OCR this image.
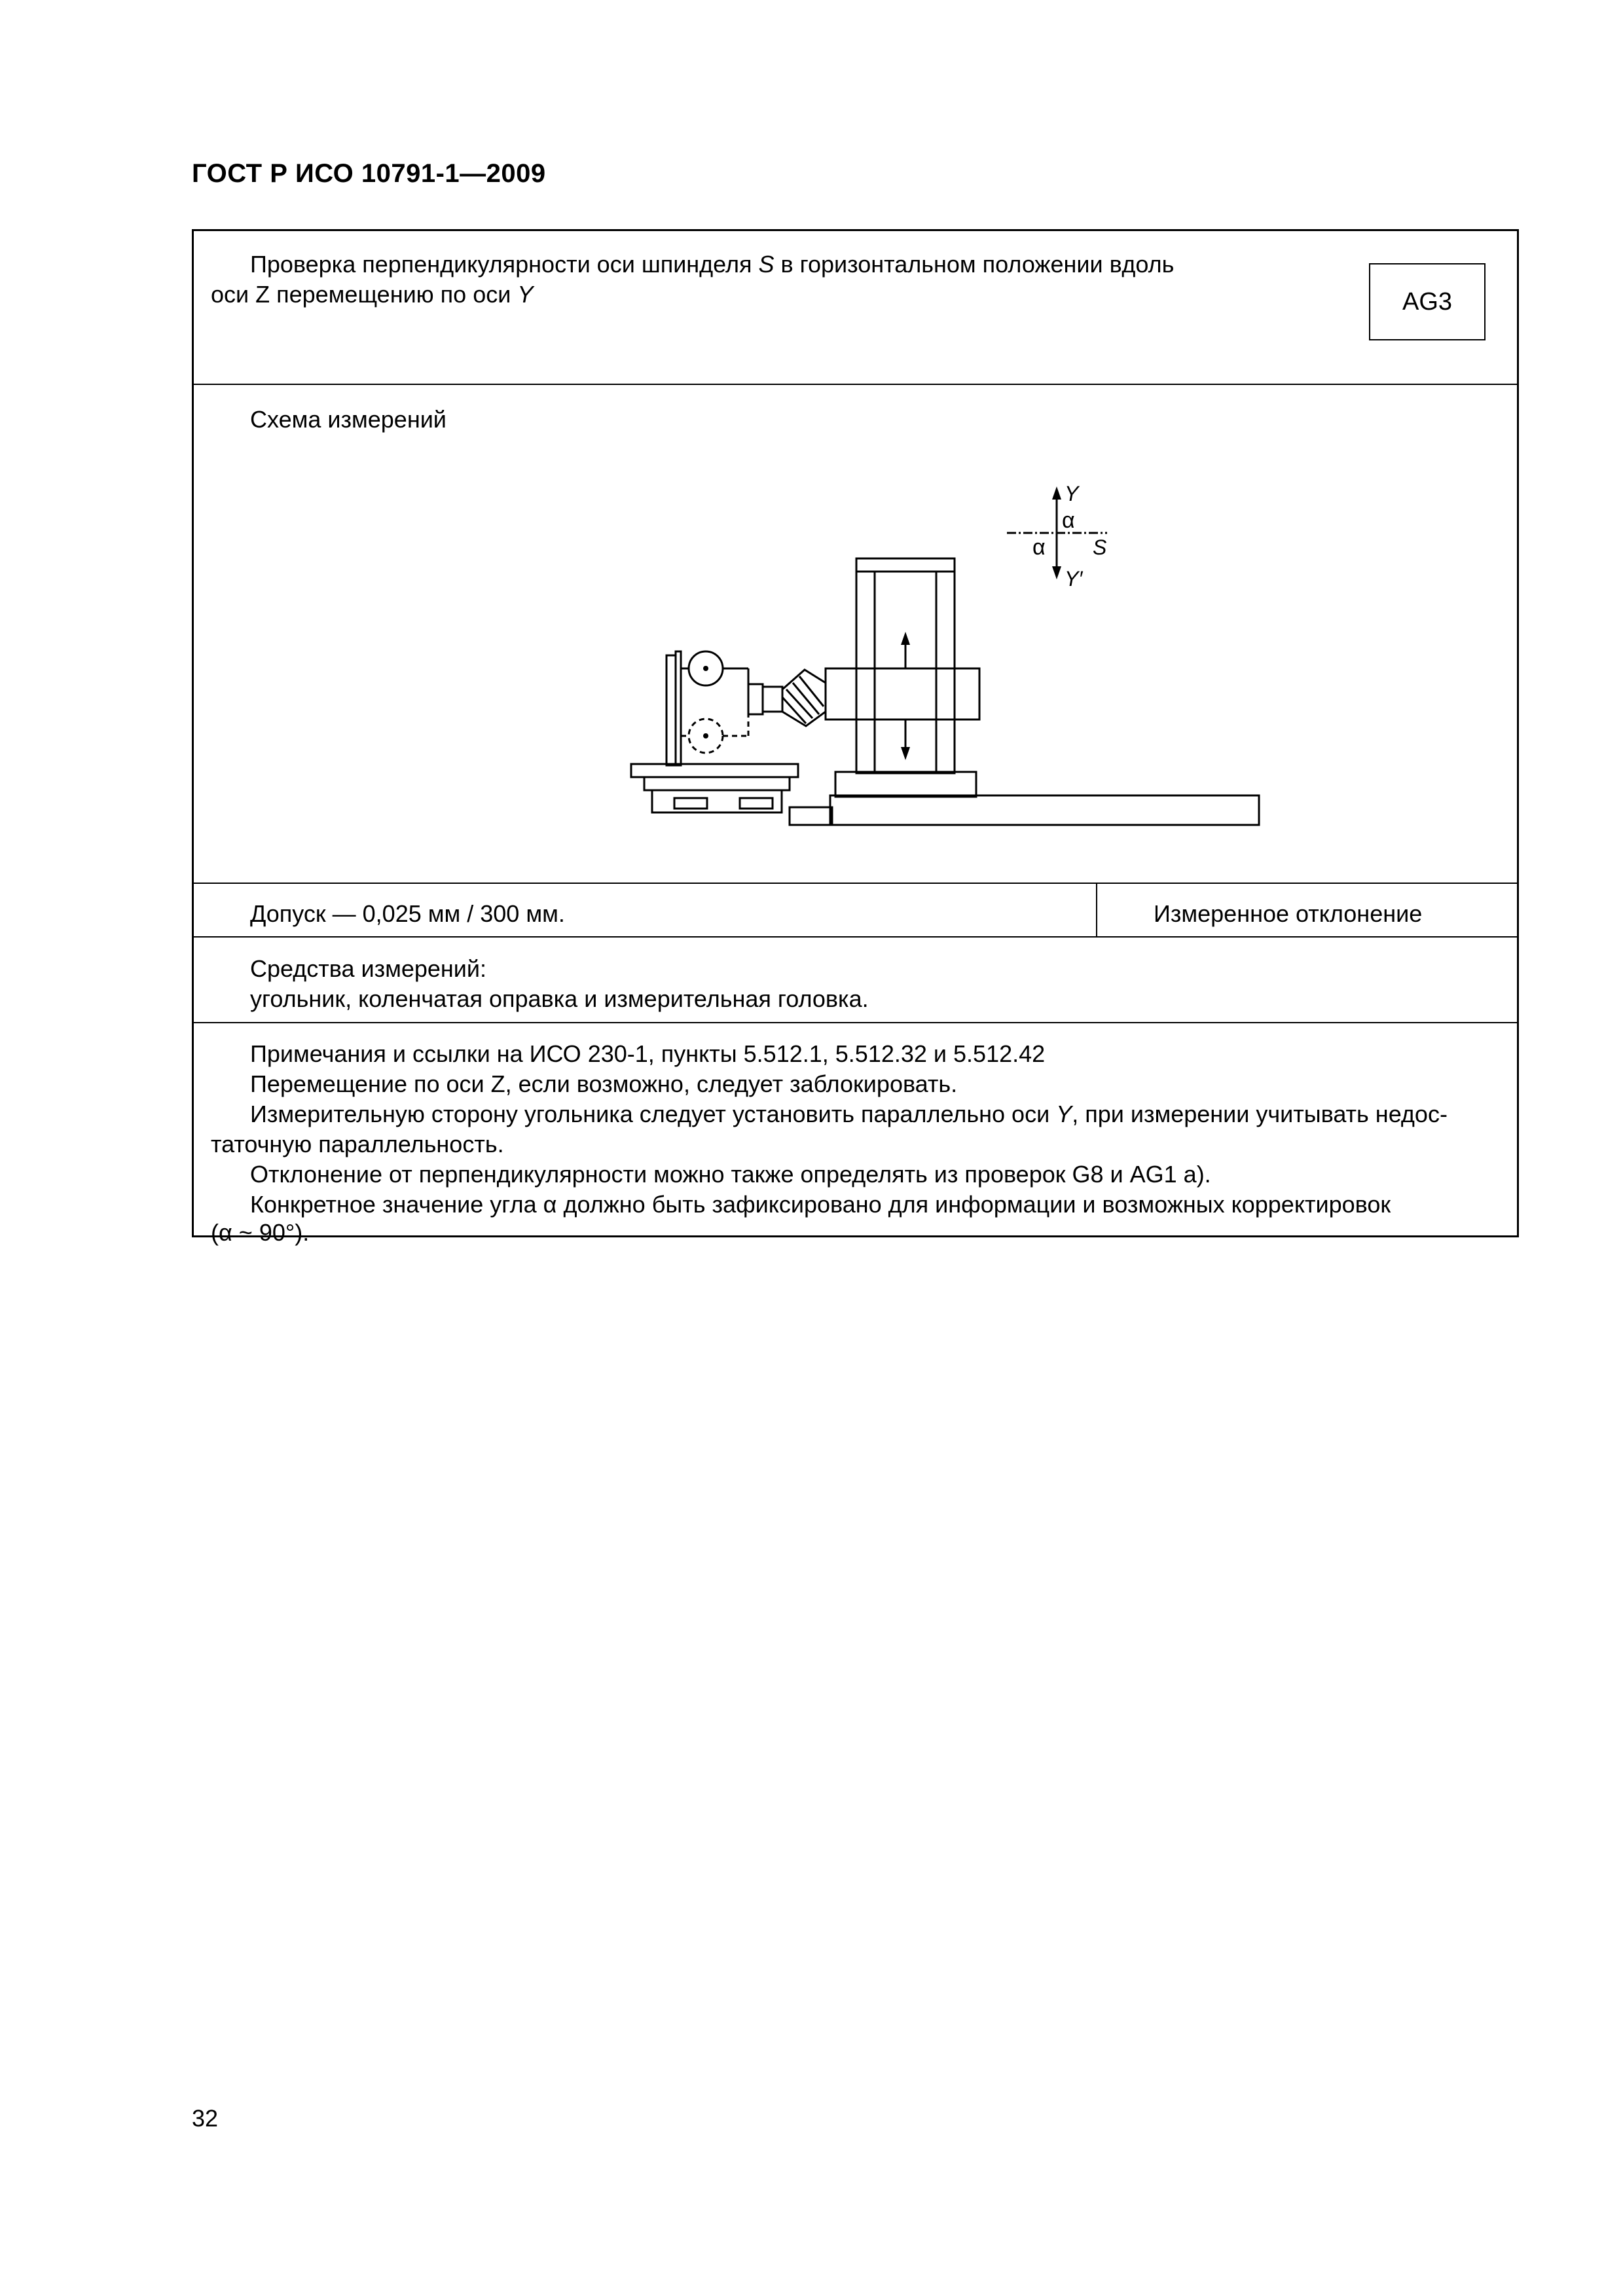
ГОСТ Р ИСО 10791-1—2009
Проверка перпендикулярности оси шпинделя S в горизонтальном положении вдоль
оси Z перемещению по оси Y	AG3
Схема измерений
Y
Y′
S
α
α
Допуск — 0,025 мм / 300 мм.	Измеренное отклонение
Средства измерений:
угольник, коленчатая оправка и измерительная головка.
Примечания и ссылки на ИСО 230-1, пункты 5.512.1, 5.512.32 и 5.512.42
Перемещение по оси Z, если возможно, следует заблокировать.
Измерительную сторону угольника следует установить параллельно оси Y, при измерении учитывать недос-
таточную параллельность.
Отклонение от перпендикулярности можно также определять из проверок G8 и AG1 a).
Конкретное значение угла α должно быть зафиксировано для информации и возможных корректировок
(α ~ 90°).
32
